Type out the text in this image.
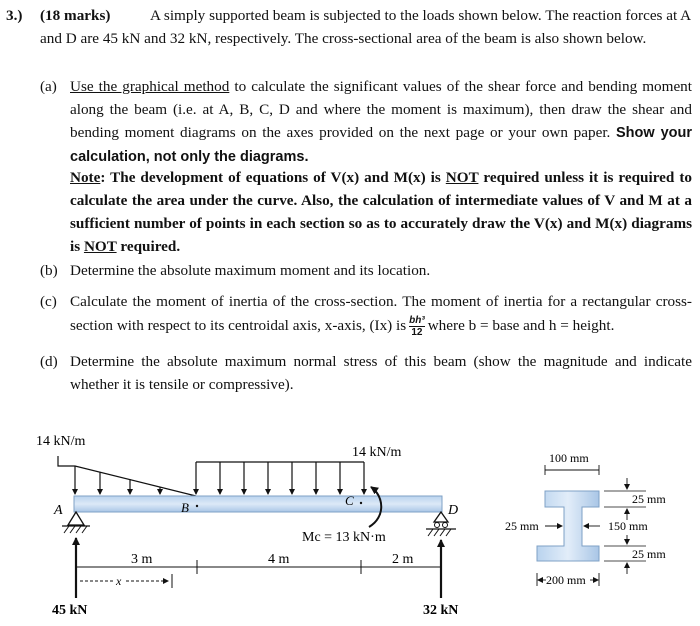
3.) (18 marks)	A simply supported beam is subjected to the loads shown below. The reaction forces at A and D are 45 kN and 32 kN, respectively. The cross-sectional area of the beam is also shown below.
(a) Use the graphical method to calculate the significant values of the shear force and bending moment along the beam (i.e. at A, B, C, D and where the moment is maximum), then draw the shear and bending moment diagrams on the axes provided on the next page or your own paper. Show your calculation, not only the diagrams.
Note: The development of equations of V(x) and M(x) is NOT required unless it is required to calculate the area under the curve. Also, the calculation of intermediate values of V and M at a sufficient number of points in each section so as to accurately draw the V(x) and M(x) diagrams is NOT required.
(b) Determine the absolute maximum moment and its location.
(c) Calculate the moment of inertia of the cross-section. The moment of inertia for a rectangular cross-section with respect to its centroidal axis, x-axis, (Ix) is $\frac{\text{bh³}}{12}$ where b = base and h = height.
(d) Determine the absolute maximum normal stress of this beam (show the magnitude and indicate whether it is tensile or compressive).
14 kN/m
14 kN/m
A	B	C
D
Mc = 13 kN·m
45 kN	32 kN
3 m	4 m	2 m
x
100 mm
25 mm
150 mm
25 mm
25 mm
200 mm
